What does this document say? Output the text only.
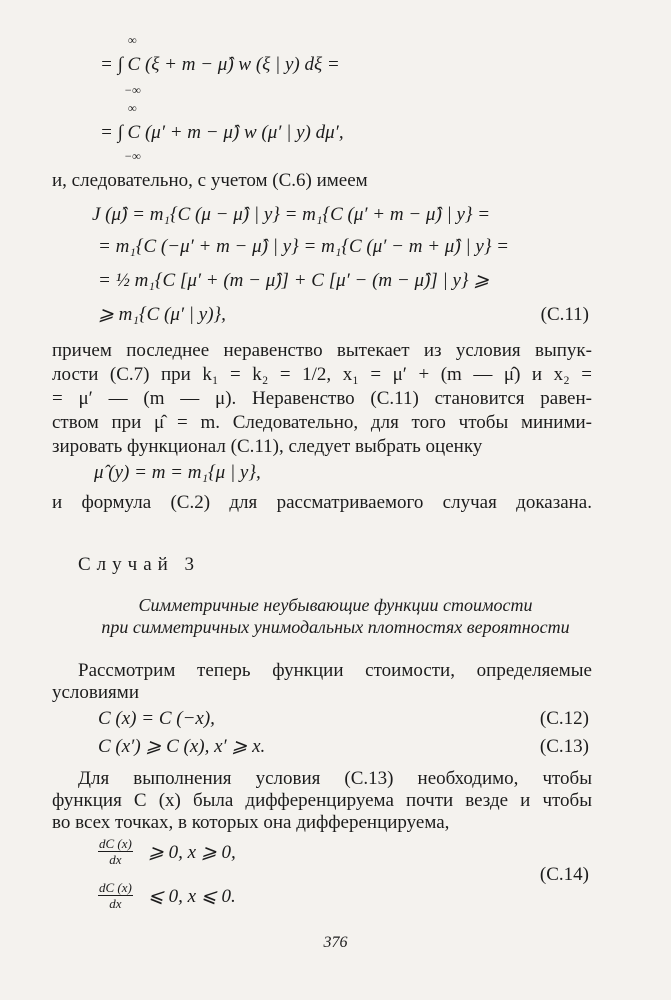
∞
−∞
= ∫ C (ξ + m − μ̂) w (ξ | y) dξ =
∞
−∞
= ∫ C (μ′ + m − μ̂) w (μ′ | y) dμ′,
и, следовательно, с учетом (C.6) имеем
J (μ̂) = m₁{C (μ − μ̂) | y} = m₁{C (μ′ + m − μ̂) | y} =
= m₁{C (−μ′ + m − μ̂) | y} = m₁{C (μ′ − m + μ̂) | y} =
= ½ m₁{C [μ′ + (m − μ̂)] + C [μ′ − (m − μ̂)] | y} ⩾
⩾ m₁{C (μ′ | y)},	(C.11)
причем последнее неравенство вытекает из условия выпук-
лости (C.7) при k₁ = k₂ = 1/2, x₁ = μ′ + (m — μ̂) и x₂ =
= μ′ — (m — μ). Неравенство (C.11) становится равен-
ством при μ̂ = m. Следовательно, для того чтобы миними-
зировать функционал (C.11), следует выбрать оценку
μ̂ (y) = m = m₁{μ | y},
и формула (C.2) для рассматриваемого случая доказана.
Случай 3
Симметричные неубывающие функции стоимости
при симметричных унимодальных плотностях вероятности
Рассмотрим теперь функции стоимости, определяемые
условиями
C (x) = C (−x),	(C.12)
C (x′) ⩾ C (x), x′ ⩾ x.	(C.13)
Для выполнения условия (C.13) необходимо, чтобы
функция C (x) была дифференцируема почти везде и чтобы
во всех точках, в которых она дифференцируема,
$\frac{dC (x)}{dx}$ ⩾ 0, x ⩾ 0,
$\frac{dC (x)}{dx}$ ⩽ 0, x ⩽ 0.
(C.14)
376
